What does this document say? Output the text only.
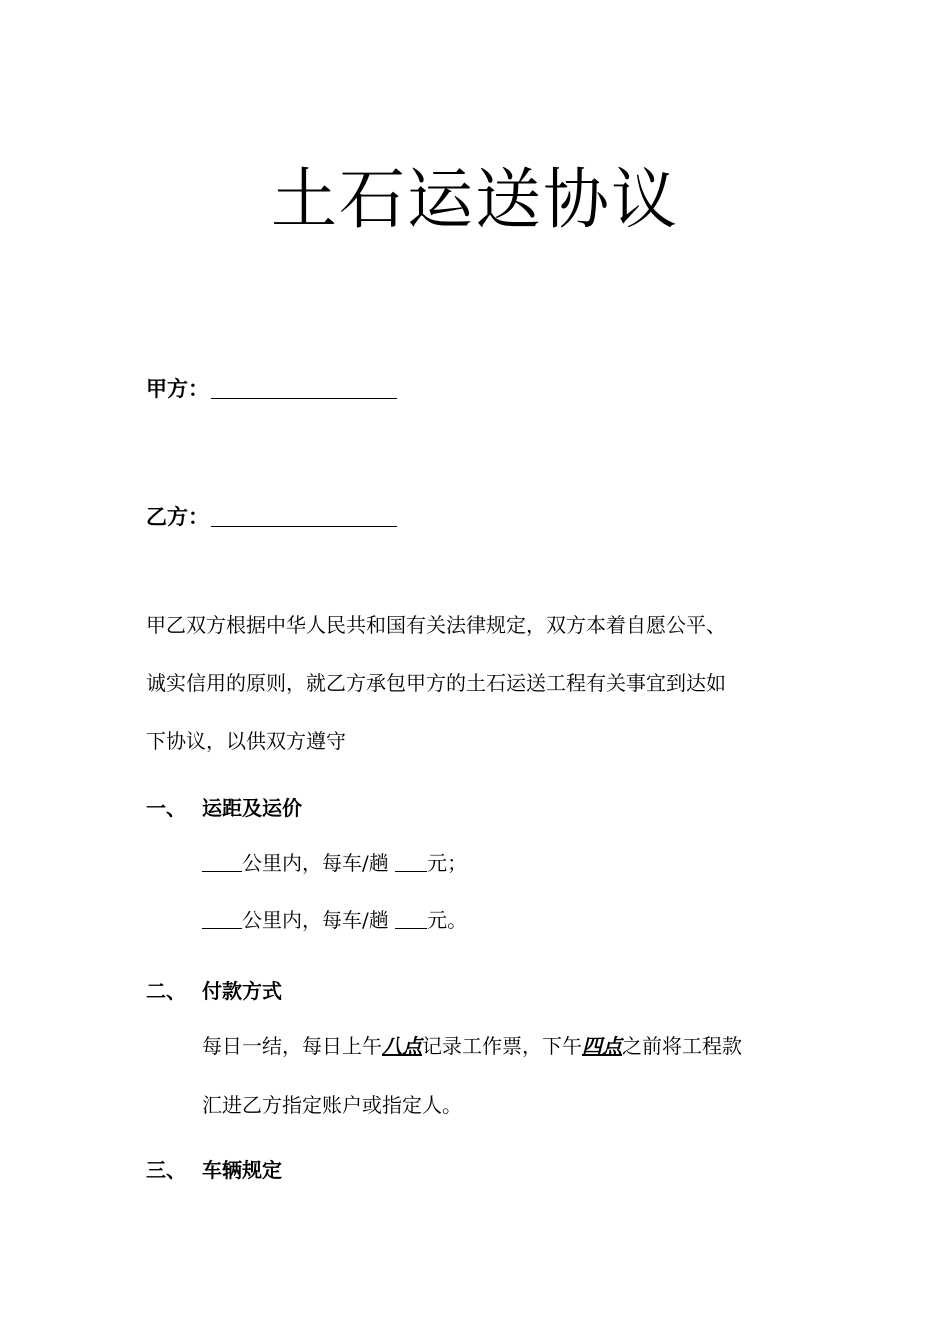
土石运送协议
甲方：
乙方：
甲乙双方根据中华人民共和国有关法律规定，双方本着自愿公平、
诚实信用的原则，就乙方承包甲方的土石运送工程有关事宜到达如
下协议，以供双方遵守
一、 运距及运价
公里内，每车/趟 元；
公里内，每车/趟 元。
二、 付款方式
每日一结，每日上午八点记录工作票，下午四点之前将工程款
汇进乙方指定账户或指定人。
三、 车辆规定
